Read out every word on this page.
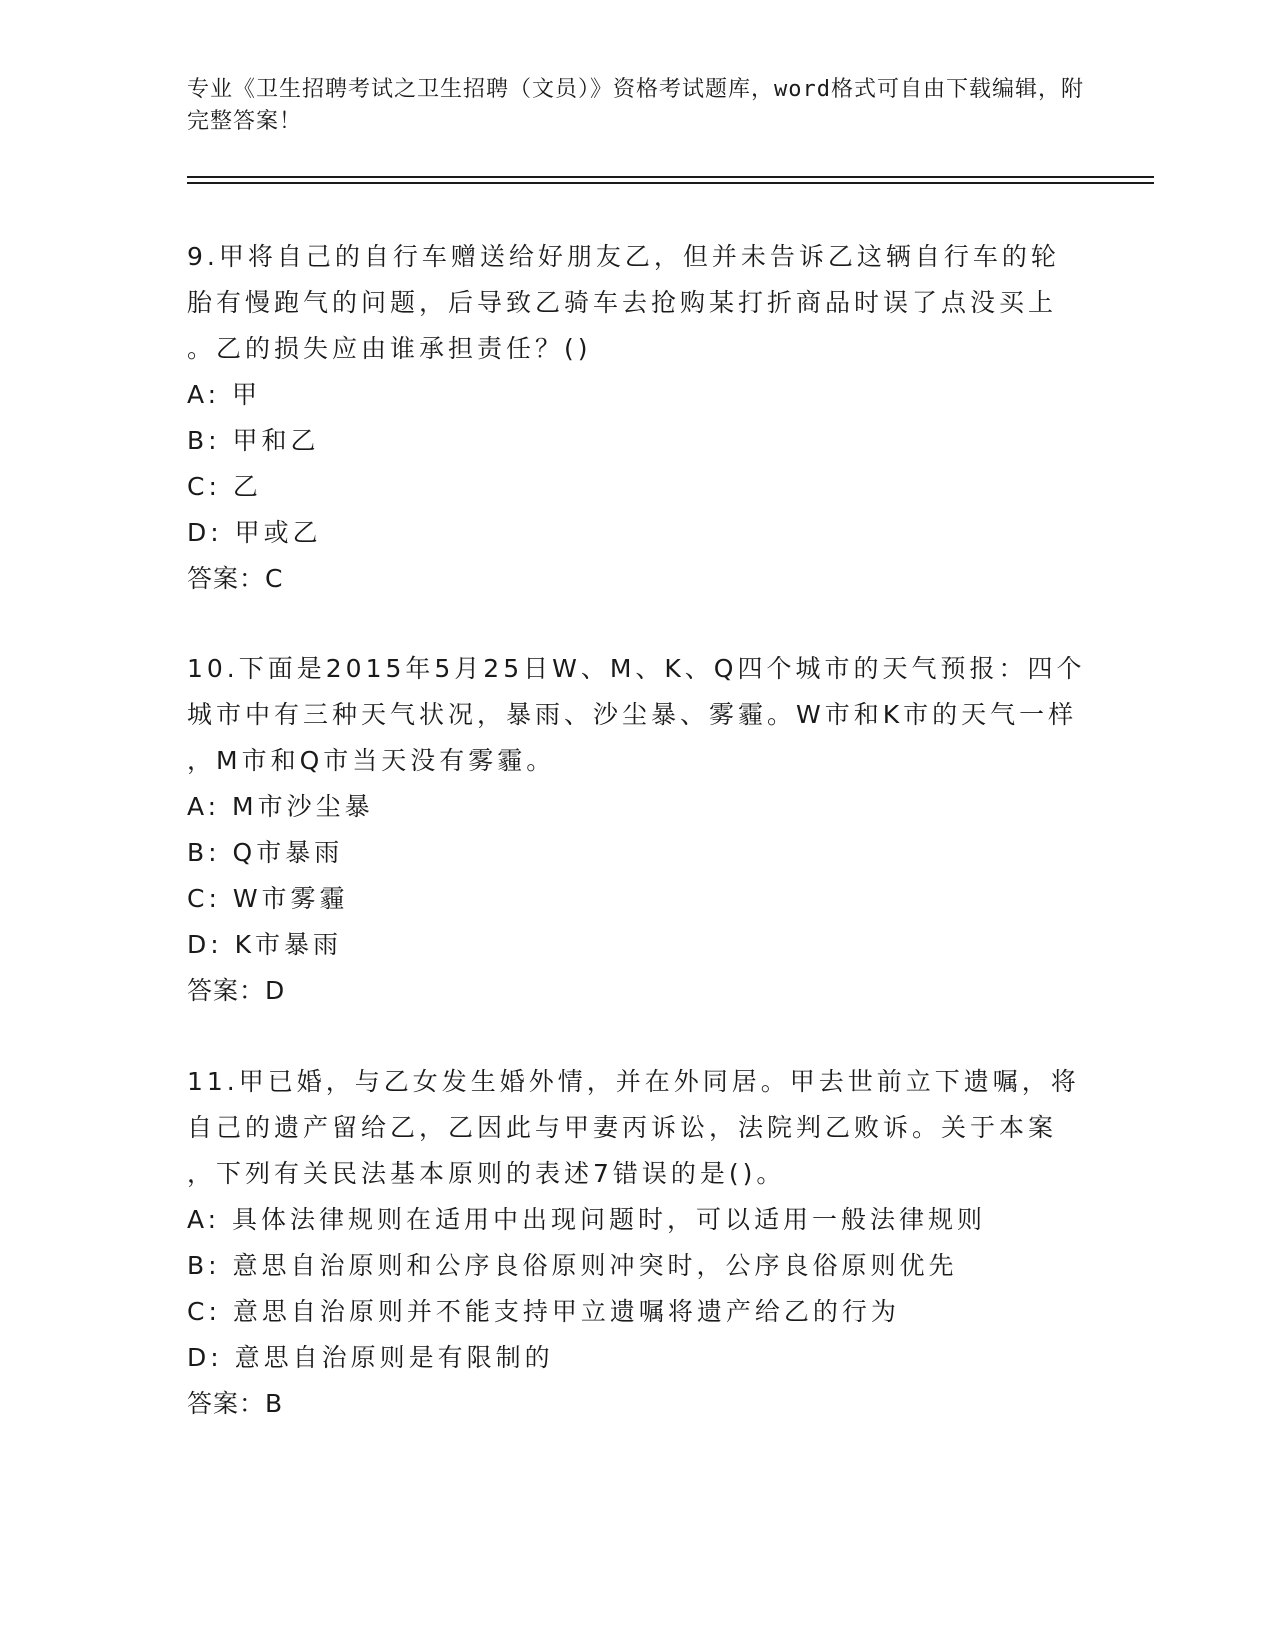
专业《卫生招聘考试之卫生招聘（文员）》资格考试题库，word格式可自由下载编辑，附完整答案！
9.甲将自己的自行车赠送给好朋友乙，但并未告诉乙这辆自行车的轮
胎有慢跑气的问题，后导致乙骑车去抢购某打折商品时误了点没买上
。乙的损失应由谁承担责任？()
A: 甲
B: 甲和乙
C: 乙
D: 甲或乙
答案：C
10.下面是2015年5月25日W、M、K、Q四个城市的天气预报：四个
城市中有三种天气状况，暴雨、沙尘暴、雾霾。W市和K市的天气一样
，M市和Q市当天没有雾霾。
A: M市沙尘暴
B: Q市暴雨
C: W市雾霾
D: K市暴雨
答案：D
11.甲已婚，与乙女发生婚外情，并在外同居。甲去世前立下遗嘱，将
自己的遗产留给乙，乙因此与甲妻丙诉讼，法院判乙败诉。关于本案
，下列有关民法基本原则的表述7错误的是()。
A: 具体法律规则在适用中出现问题时，可以适用一般法律规则
B: 意思自治原则和公序良俗原则冲突时，公序良俗原则优先
C: 意思自治原则并不能支持甲立遗嘱将遗产给乙的行为
D: 意思自治原则是有限制的
答案：B
